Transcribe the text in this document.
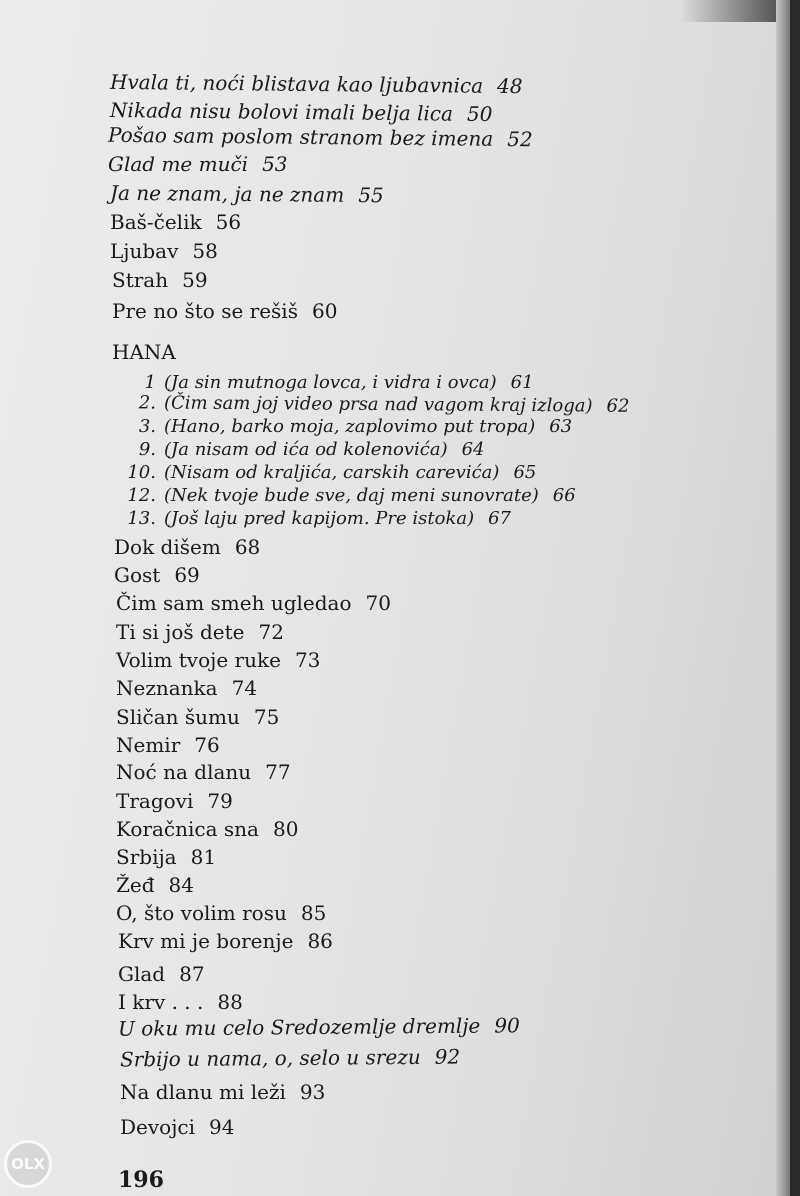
Hvala ti, noći blistava kao ljubavnica 48
Nikada nisu bolovi imali belja lica 50
Pošao sam poslom stranom bez imena 52
Glad me muči 53
Ja ne znam, ja ne znam 55
Baš-čelik 56
Ljubav 58
Strah 59
Pre no što se rešiš 60
HANA
1 (Ja sin mutnoga lovca, i vidra i ovca) 61
2. (Čim sam joj video prsa nad vagom kraj izloga) 62
3. (Hano, barko moja, zaplovimo put tropa) 63
9. (Ja nisam od ića od kolenovića) 64
10. (Nisam od kraljića, carskih carevića) 65
12. (Nek tvoje bude sve, daj meni sunovrate) 66
13. (Još laju pred kapijom. Pre istoka) 67
Dok dišem 68
Gost 69
Čim sam smeh ugledao 70
Ti si još dete 72
Volim tvoje ruke 73
Neznanka 74
Sličan šumu 75
Nemir 76
Noć na dlanu 77
Tragovi 79
Koračnica sna 80
Srbija 81
Žeđ 84
O, što volim rosu 85
Krv mi je borenje 86
Glad 87
I krv . . . 88
U oku mu celo Sredozemlje dremlje 90
Srbijo u nama, o, selo u srezu 92
Na dlanu mi leži 93
Devojci 94
196
OLX
